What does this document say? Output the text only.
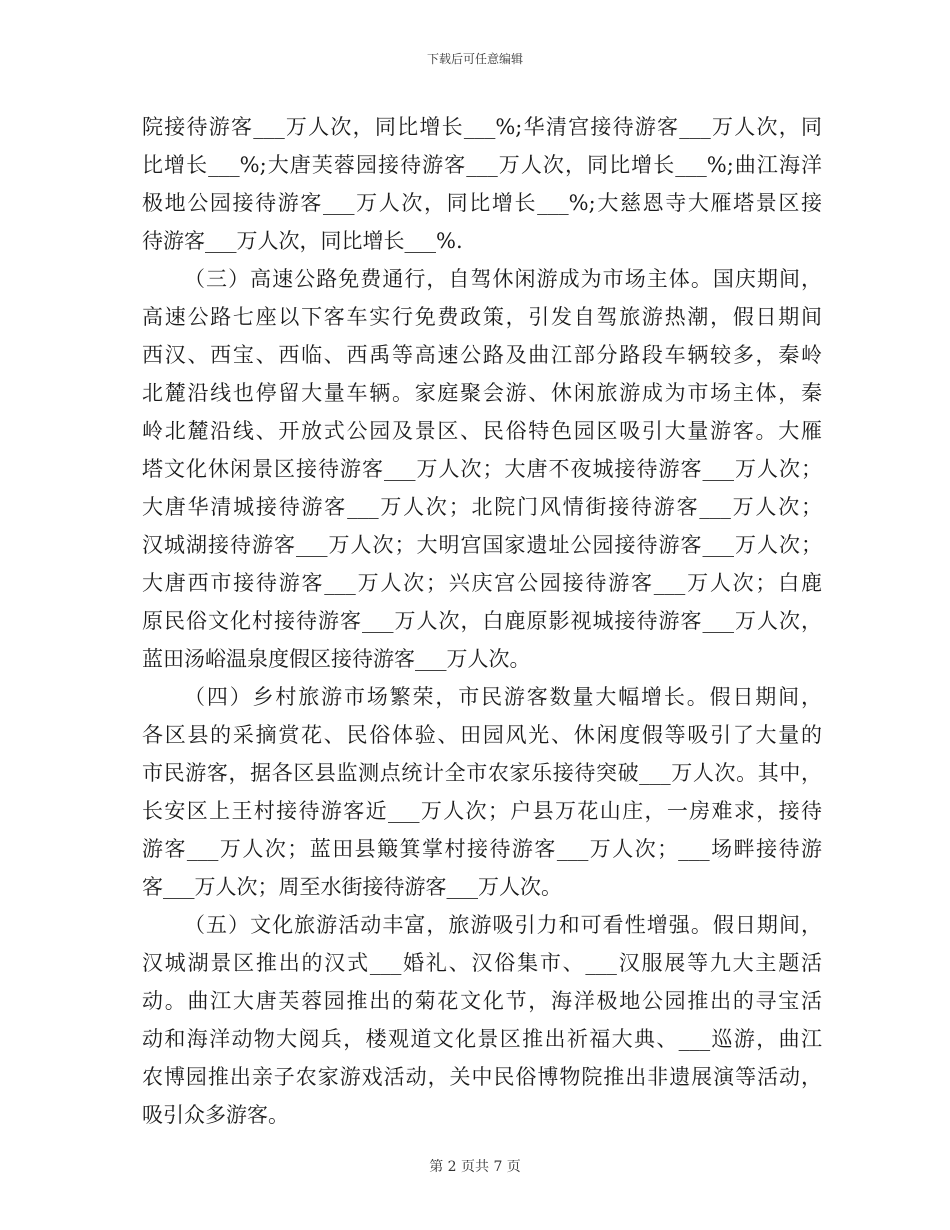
下载后可任意编辑
院接待游客___万人次，同比增长___%;华清宫接待游客___万人次，同
比增长___%;大唐芙蓉园接待游客___万人次，同比增长___%;曲江海洋
极地公园接待游客___万人次，同比增长___%;大慈恩寺大雁塔景区接
待游客___万人次，同比增长___%.
（三）高速公路免费通行，自驾休闲游成为市场主体。国庆期间，
高速公路七座以下客车实行免费政策，引发自驾旅游热潮，假日期间
西汉、西宝、西临、西禹等高速公路及曲江部分路段车辆较多，秦岭
北麓沿线也停留大量车辆。家庭聚会游、休闲旅游成为市场主体，秦
岭北麓沿线、开放式公园及景区、民俗特色园区吸引大量游客。大雁
塔文化休闲景区接待游客___万人次；大唐不夜城接待游客___万人次；
大唐华清城接待游客___万人次；北院门风情街接待游客___万人次；
汉城湖接待游客___万人次；大明宫国家遗址公园接待游客___万人次；
大唐西市接待游客___万人次；兴庆宫公园接待游客___万人次；白鹿
原民俗文化村接待游客___万人次，白鹿原影视城接待游客___万人次，
蓝田汤峪温泉度假区接待游客___万人次。
（四）乡村旅游市场繁荣，市民游客数量大幅增长。假日期间，
各区县的采摘赏花、民俗体验、田园风光、休闲度假等吸引了大量的
市民游客，据各区县监测点统计全市农家乐接待突破___万人次。其中，
长安区上王村接待游客近___万人次；户县万花山庄，一房难求，接待
游客___万人次；蓝田县簸箕掌村接待游客___万人次；___场畔接待游
客___万人次；周至水街接待游客___万人次。
（五）文化旅游活动丰富，旅游吸引力和可看性增强。假日期间，
汉城湖景区推出的汉式___婚礼、汉俗集市、___汉服展等九大主题活
动。曲江大唐芙蓉园推出的菊花文化节，海洋极地公园推出的寻宝活
动和海洋动物大阅兵，楼观道文化景区推出祈福大典、___巡游，曲江
农博园推出亲子农家游戏活动，关中民俗博物院推出非遗展演等活动，
吸引众多游客。
第 2 页共 7 页
